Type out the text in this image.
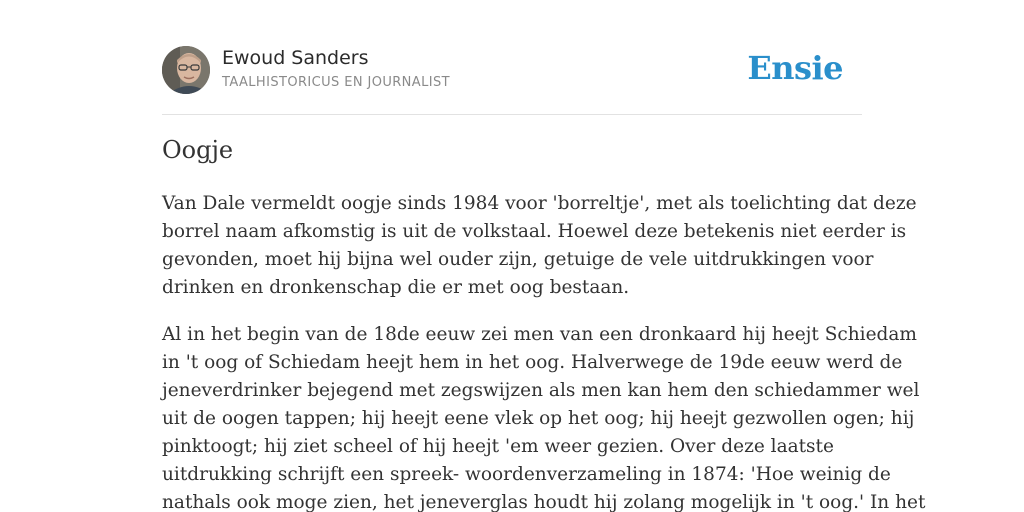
Ewoud Sanders
TAALHISTORICUS EN JOURNALIST	Ensie
Oogje

Van Dale vermeldt oogje sinds 1984 voor 'borreltje', met als toelichting dat deze
borrel naam afkomstig is uit de volkstaal. Hoewel deze betekenis niet eerder is
gevonden, moet hij bijna wel ouder zijn, getuige de vele uitdrukkingen voor
drinken en dronkenschap die er met oog bestaan.

Al in het begin van de 18de eeuw zei men van een dronkaard hij heejt Schiedam
in 't oog of Schiedam heejt hem in het oog. Halverwege de 19de eeuw werd de
jeneverdrinker bejegend met zegswijzen als men kan hem den schiedammer wel
uit de oogen tappen; hij heejt eene vlek op het oog; hij heejt gezwollen ogen; hij
pinktoogt; hij ziet scheel of hij heejt 'em weer gezien. Over deze laatste
uitdrukking schrijft een spreek- woordenverzameling in 1874: 'Hoe weinig de
nathals ook moge zien, het jeneverglas houdt hij zolang mogelijk in 't oog.' In het
